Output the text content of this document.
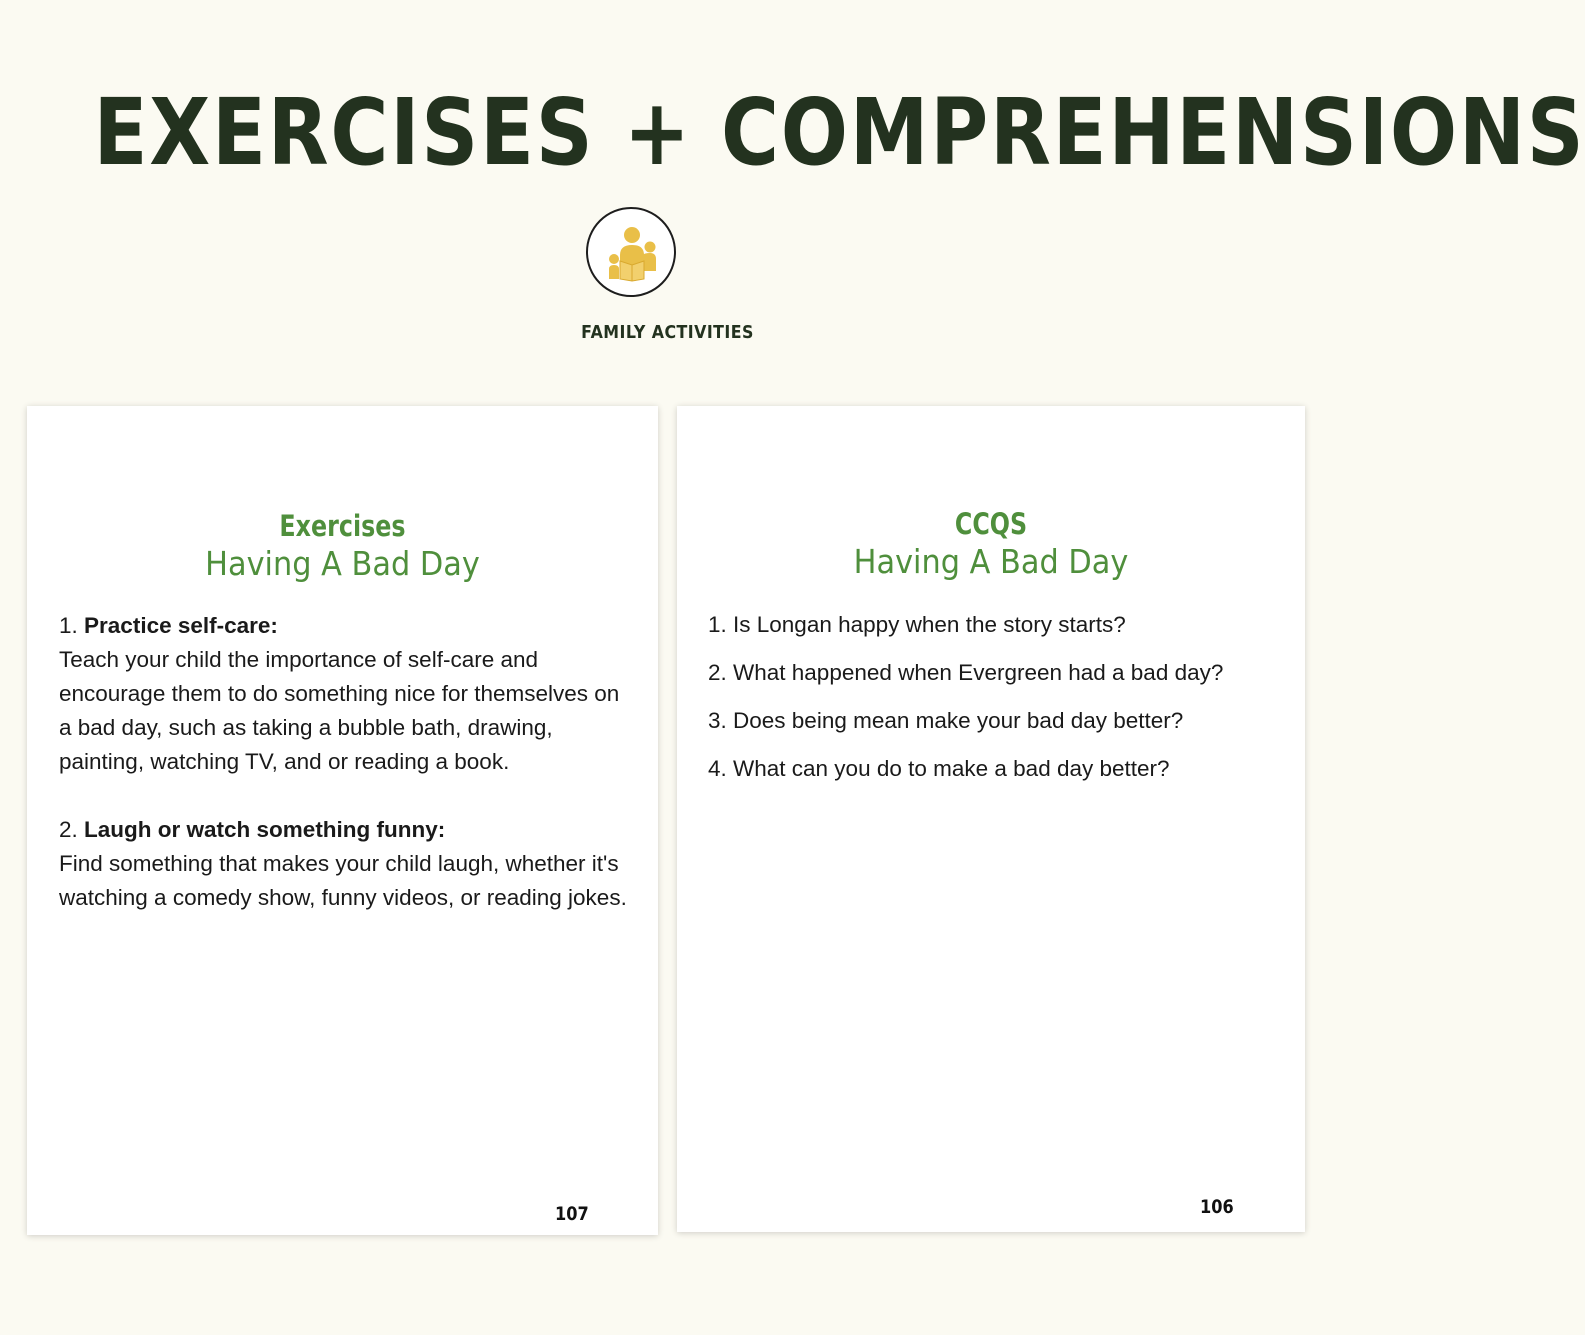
EXERCISES + COMPREHENSIONS
FAMILY ACTIVITIES
Exercises
Having A Bad Day
1. Practice self-care:
Teach your child the importance of self-care and encourage them to do something nice for themselves on a bad day, such as taking a bubble bath, drawing, painting, watching TV, and or reading a book.
2. Laugh or watch something funny:
Find something that makes your child laugh, whether it's watching a comedy show, funny videos, or reading jokes.
107
CCQS
Having A Bad Day
1. Is Longan happy when the story starts?
2. What happened when Evergreen had a bad day?
3. Does being mean make your bad day better?
4. What can you do to make a bad day better?
106
